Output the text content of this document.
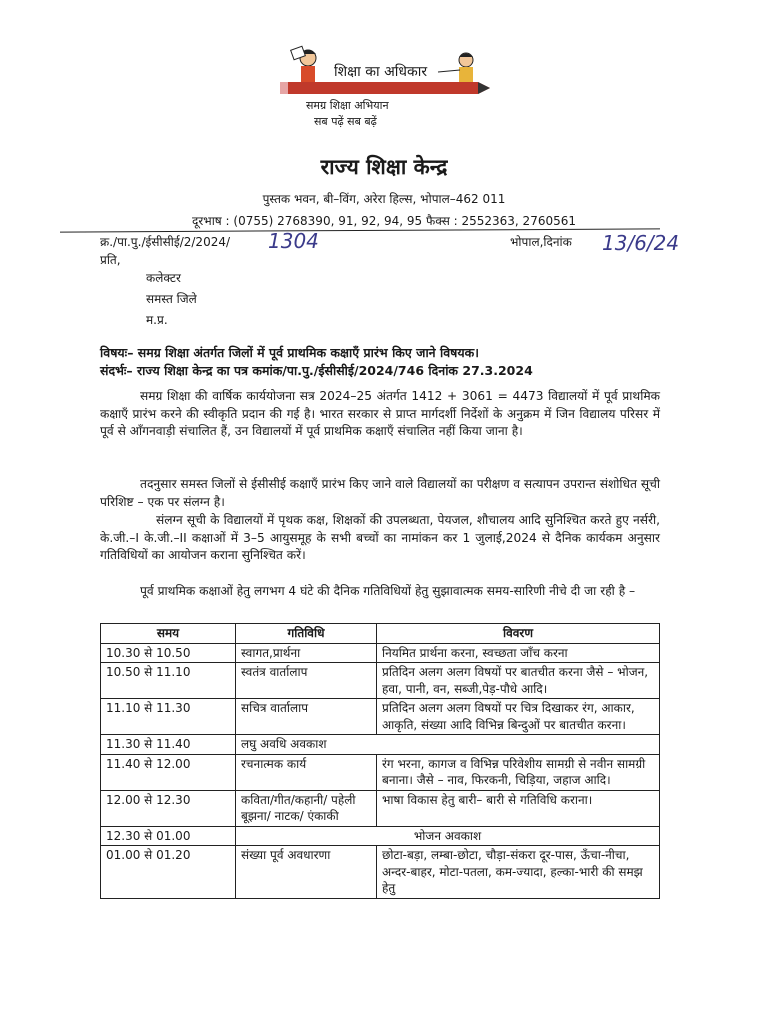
शिक्षा का अधिकार
समग्र शिक्षा अभियान
सब पढ़ें सब बढ़ें
राज्य शिक्षा केन्द्र
पुस्तक भवन, बी–विंग, अरेरा हिल्स, भोपाल–462 011
दूरभाष : (0755) 2768390, 91, 92, 94, 95 फैक्स : 2552363, 2760561
क्र./पा.पु./ईसीसीई/2/2024/ 1304	भोपाल,दिनांक 13/6/24
प्रति,
कलेक्टर
समस्त जिले
म.प्र.
विषयः– समग्र शिक्षा अंतर्गत जिलों में पूर्व प्राथमिक कक्षाएँ प्रारंभ किए जाने विषयक।
संदर्भः– राज्य शिक्षा केन्द्र का पत्र कमांक/पा.पु./ईसीसीई/2024/746 दिनांक 27.3.2024

समग्र शिक्षा की वार्षिक कार्ययोजना सत्र 2024–25 अंतर्गत 1412 + 3061 = 4473 विद्यालयों में पूर्व प्राथमिक कक्षाएँ प्रारंभ करने की स्वीकृति प्रदान की गई है। भारत सरकार से प्राप्त मार्गदर्शी निर्देशों के अनुक्रम में जिन विद्यालय परिसर में पूर्व से आँगनवाड़ी संचालित हैं, उन विद्यालयों में पूर्व प्राथमिक कक्षाएँ संचालित नहीं किया जाना है।

तदनुसार समस्त जिलों से ईसीसीई कक्षाएँ प्रारंभ किए जाने वाले विद्यालयों का परीक्षण व सत्यापन उपरान्त संशोधित सूची परिशिष्ट – एक पर संलग्न है।

संलग्न सूची के विद्यालयों में पृथक कक्ष, शिक्षकों की उपलब्धता, पेयजल, शौचालय आदि सुनिश्चित करते हुए नर्सरी, के.जी.–I के.जी.–II कक्षाओं में 3–5 आयुसमूह के सभी बच्चों का नामांकन कर 1 जुलाई,2024 से दैनिक कार्यकम अनुसार गतिविधियों का आयोजन कराना सुनिश्चित करें।

पूर्व प्राथमिक कक्षाओं हेतु लगभग 4 घंटे की दैनिक गतिविधियों हेतु सुझावात्मक समय-सारिणी नीचे दी जा रही है –

समय	गतिविधि	विवरण
10.30 से 10.50	स्वागत,प्रार्थना	नियमित प्रार्थना करना, स्वच्छता जाँच करना
10.50 से 11.10	स्वतंत्र वार्तालाप	प्रतिदिन अलग अलग विषयों पर बातचीत करना जैसे – भोजन, हवा, पानी, वन, सब्जी,पेड़-पौधे आदि।
11.10 से 11.30	सचित्र वार्तालाप	प्रतिदिन अलग अलग विषयों पर चित्र दिखाकर रंग, आकार, आकृति, संख्या आदि विभिन्न बिन्दुओं पर बातचीत करना।
11.30 से 11.40	लघु अवधि अवकाश	
11.40 से 12.00	रचनात्मक कार्य	रंग भरना, कागज व विभिन्न परिवेशीय सामग्री से नवीन सामग्री बनाना। जैसे – नाव, फिरकनी, चिड़िया, जहाज आदि।
12.00 से 12.30	कविता/गीत/कहानी/ पहेली बूझना/ नाटक/ एंकाकी	भाषा विकास हेतु बारी– बारी से गतिविधि कराना।
12.30 से 01.00	भोजन अवकाश	
01.00 से 01.20	संख्या पूर्व अवधारणा	छोटा-बड़ा, लम्बा-छोटा, चौड़ा-संकरा दूर-पास, ऊँचा-नीचा, अन्दर-बाहर, मोटा-पतला, कम-ज्यादा, हल्का-भारी की समझ हेतु
